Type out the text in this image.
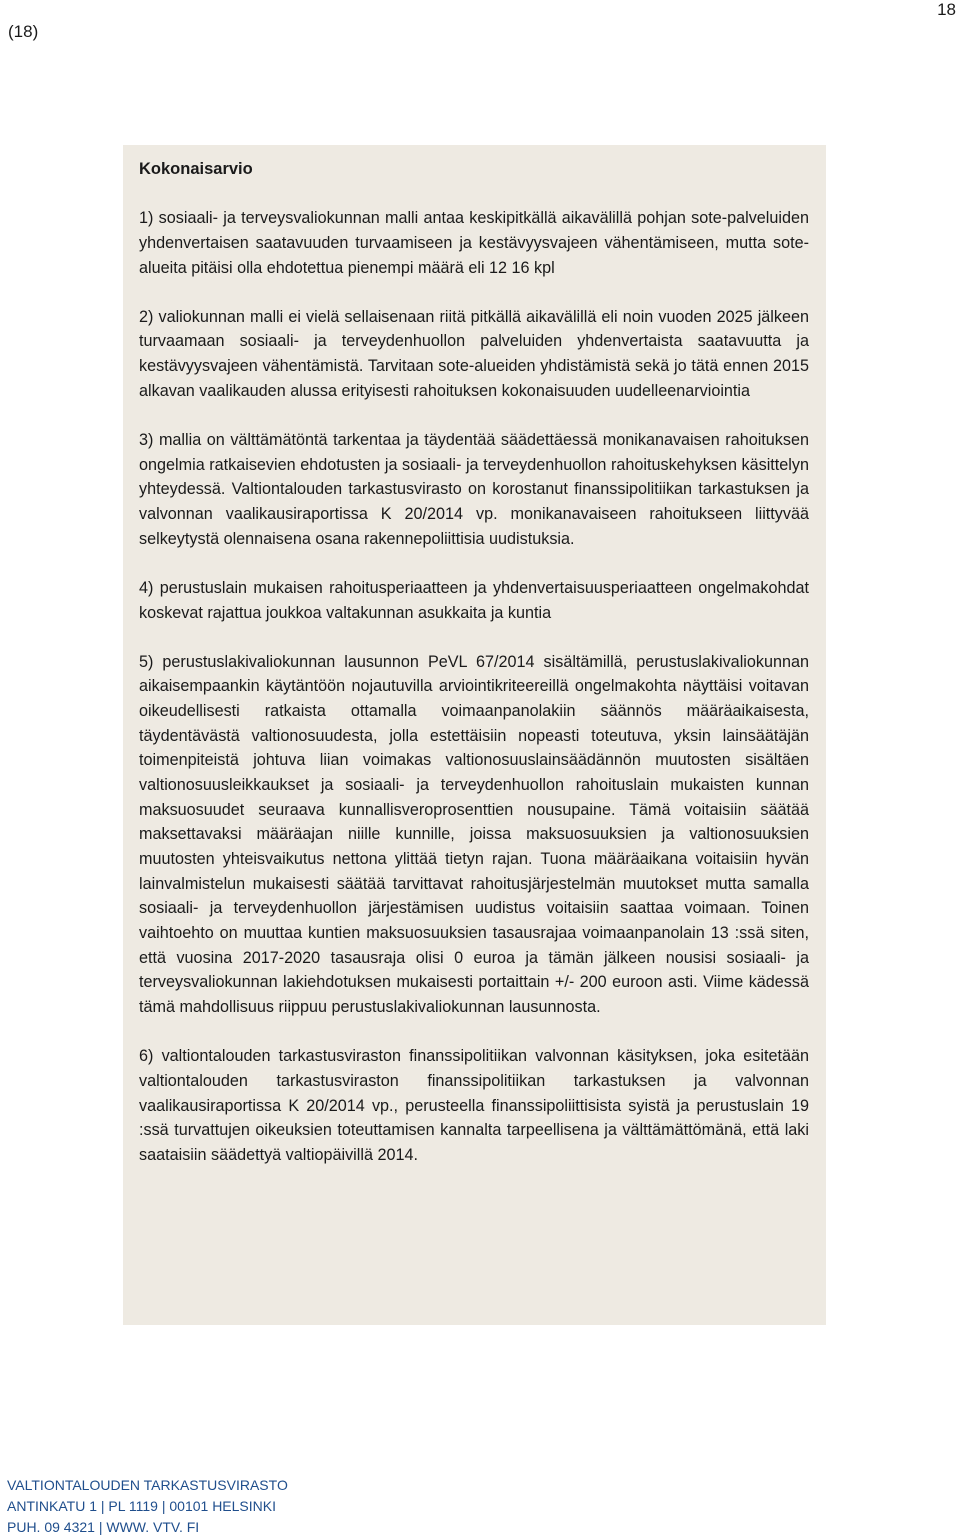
(18)
18
Kokonaisarvio

1) sosiaali- ja terveysvaliokunnan malli antaa keskipitkällä aikavälillä pohjan sote-palveluiden yhdenvertaisen saatavuuden turvaamiseen ja kestävyysvajeen vähentämiseen, mutta sote-alueita pitäisi olla ehdotettua pienempi määrä eli 12 16 kpl

2) valiokunnan malli ei vielä sellaisenaan riitä pitkällä aikavälillä eli noin vuoden 2025 jälkeen turvaamaan sosiaali- ja terveydenhuollon palveluiden yhdenvertaista saatavuutta ja kestävyysvajeen vähentämistä. Tarvitaan sote-alueiden yhdistämistä sekä jo tätä ennen 2015 alkavan vaalikauden alussa erityisesti rahoituksen kokonaisuuden uudelleenarviointia

3) mallia on välttämätöntä tarkentaa ja täydentää säädettäessä monikanavaisen rahoituksen ongelmia ratkaisevien ehdotusten ja sosiaali- ja terveydenhuollon rahoituskehyksen käsittelyn yhteydessä. Valtiontalouden tarkastusvirasto on korostanut finanssipolitiikan tarkastuksen ja valvonnan vaalikausiraportissa K 20/2014 vp. monikanavaiseen rahoitukseen liittyvää selkeytystä olennaisena osana rakennepoliittisia uudistuksia.

4) perustuslain mukaisen rahoitusperiaatteen ja yhdenvertaisuusperiaatteen ongelmakohdat koskevat rajattua joukkoa valtakunnan asukkaita ja kuntia

5) perustuslakivaliokunnan lausunnon PeVL 67/2014 sisältämillä, perustuslakivaliokunnan aikaisempaankin käytäntöön nojautuvilla arviointikriteereillä ongelmakohta näyttäisi voitavan oikeudellisesti ratkaista ottamalla voimaanpanolakiin säännös määräaikaisesta, täydentävästä valtionosuudesta, jolla estettäisiin nopeasti toteutuva, yksin lainsäätäjän toimenpiteistä johtuva liian voimakas valtionosuuslainsäädännön muutosten sisältäen valtionosuusleikkaukset ja sosiaali- ja terveydenhuollon rahoituslain mukaisten kunnan maksuosuudet seuraava kunnallisveroprosenttien nousupaine. Tämä voitaisiin säätää maksettavaksi määräajan niille kunnille, joissa maksuosuuksien ja valtionosuuksien muutosten yhteisvaikutus nettona ylittää tietyn rajan. Tuona määräaikana voitaisiin hyvän lainvalmistelun mukaisesti säätää tarvittavat rahoitusjärjestelmän muutokset mutta samalla sosiaali- ja terveydenhuollon järjestämisen uudistus voitaisiin saattaa voimaan. Toinen vaihtoehto on muuttaa kuntien maksuosuuksien tasausrajaa voimaanpanolain 13 :ssä siten, että vuosina 2017-2020 tasausraja olisi 0 euroa ja tämän jälkeen nousisi sosiaali- ja terveysvaliokunnan lakiehdotuksen mukaisesti portaittain +/- 200 euroon asti. Viime kädessä tämä mahdollisuus riippuu perustuslakivaliokunnan lausunnosta.

6) valtiontalouden tarkastusviraston finanssipolitiikan valvonnan käsityksen, joka esitetään valtiontalouden tarkastusviraston finanssipolitiikan tarkastuksen ja valvonnan vaalikausiraportissa K 20/2014 vp., perusteella finanssipoliittisista syistä ja perustuslain 19 :ssä turvattujen oikeuksien toteuttamisen kannalta tarpeellisena ja välttämättömänä, että laki saataisiin säädettyä valtiopäivillä 2014.

VALTIONTALOUDEN TARKASTUSVIRASTO
ANTINKATU 1 | PL 1119 | 00101 HELSINKI
PUH. 09 4321 | WWW. VTV. FI
